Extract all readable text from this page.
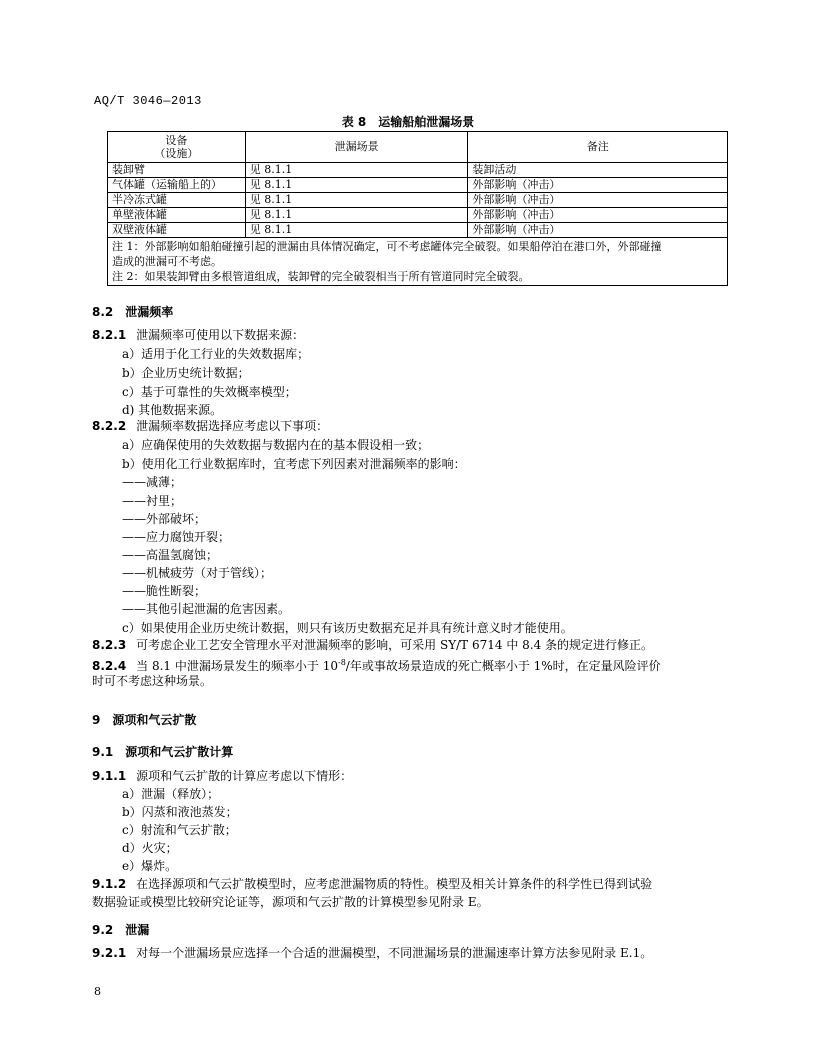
AQ/T 3046—2013
表 8　运输船舶泄漏场景
设备
（设施）	泄漏场景	备注
装卸臂	见 8.1.1	装卸活动
气体罐（运输船上的）	见 8.1.1	外部影响（冲击）
半冷冻式罐	见 8.1.1	外部影响（冲击）
单壁液体罐	见 8.1.1	外部影响（冲击）
双壁液体罐	见 8.1.1	外部影响（冲击）

注 1：外部影响如船舶碰撞引起的泄漏由具体情况确定，可不考虑罐体完全破裂。如果船停泊在港口外，外部碰撞
造成的泄漏可不考虑。
注 2：如果装卸臂由多根管道组成，装卸臂的完全破裂相当于所有管道同时完全破裂。		
8.2　泄漏频率
8.2.1 泄漏频率可使用以下数据来源：
a）适用于化工行业的失效数据库；
b）企业历史统计数据；
c）基于可靠性的失效概率模型；
d) 其他数据来源。
8.2.2 泄漏频率数据选择应考虑以下事项：
a）应确保使用的失效数据与数据内在的基本假设相一致；
b）使用化工行业数据库时，宜考虑下列因素对泄漏频率的影响：
——减薄；
——衬里；
——外部破坏；
——应力腐蚀开裂；
——高温氢腐蚀；
——机械疲劳（对于管线）；
——脆性断裂；
——其他引起泄漏的危害因素。
c）如果使用企业历史统计数据，则只有该历史数据充足并具有统计意义时才能使用。
8.2.3 可考虑企业工艺安全管理水平对泄漏频率的影响，可采用 SY/T 6714 中 8.4 条的规定进行修正。
8.2.4 当 8.1 中泄漏场景发生的频率小于 $10^{-8}/$年或事故场景造成的死亡概率小于 1%时，在定量风险评价
时可不考虑这种场景。
9　源项和气云扩散
9.1　源项和气云扩散计算
9.1.1 源项和气云扩散的计算应考虑以下情形：
a）泄漏（释放）；
b）闪蒸和液池蒸发；
c）射流和气云扩散；
d）火灾；
e）爆炸。
9.1.2 在选择源项和气云扩散模型时，应考虑泄漏物质的特性。模型及相关计算条件的科学性已得到试验
数据验证或模型比较研究论证等，源项和气云扩散的计算模型参见附录 E。
9.2　泄漏
9.2.1 对每一个泄漏场景应选择一个合适的泄漏模型，不同泄漏场景的泄漏速率计算方法参见附录 E.1。
8
